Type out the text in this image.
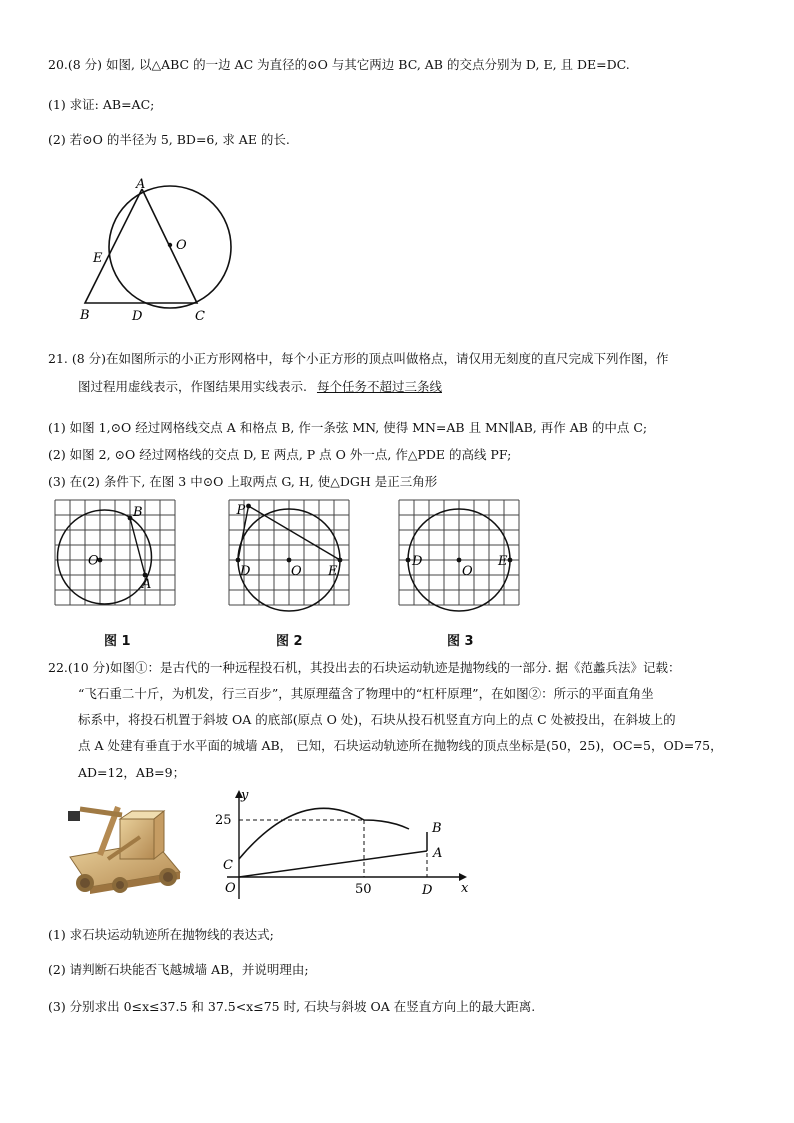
20.(8 分) 如图, 以△ABC 的一边 AC 为直径的⊙O 与其它两边 BC, AB 的交点分别为 D, E, 且 DE=DC.
(1) 求证: AB=AC;
(2) 若⊙O 的半径为 5, BD=6, 求 AE 的长.
A
E
O
B	D	C
21. (8 分)在如图所示的小正方形网格中，每个小正方形的顶点叫做格点，请仅用无刻度的直尺完成下列作图，作
图过程用虚线表示，作图结果用实线表示. 每个任务不超过三条线
(1) 如图 1,⊙O 经过网格线交点 A 和格点 B, 作一条弦 MN, 使得 MN=AB 且 MN∥AB, 再作 AB 的中点 C;
(2) 如图 2, ⊙O 经过网格线的交点 D, E 两点, P 点 O 外一点, 作△PDE 的高线 PF;
(3) 在(2) 条件下, 在图 3 中⊙O 上取两点 G, H, 使△DGH 是正三角形
O
B
A
P
D	O E
D
O
E
图 1	图 2	图 3
22.(10 分)如图①：是古代的一种远程投石机，其投出去的石块运动轨迹是抛物线的一部分. 据《范蠡兵法》记载：
“飞石重二十斤，为机发，行三百步”，其原理蕴含了物理中的“杠杆原理”，在如图②：所示的平面直角坐
标系中，将投石机置于斜坡 OA 的底部(原点 O 处)，石块从投石机竖直方向上的点 C 处被投出，在斜坡上的
点 A 处建有垂直于水平面的城墙 AB， 已知，石块运动轨迹所在抛物线的顶点坐标是(50，25)，OC=5，OD=75，
AD=12，AB=9；
y
x
25
50
C
O	D
A
B
(1) 求石块运动轨迹所在抛物线的表达式;
(2) 请判断石块能否飞越城墙 AB，并说明理由;
(3) 分别求出 0≤x≤37.5 和 37.5<x≤75 时, 石块与斜坡 OA 在竖直方向上的最大距离.
